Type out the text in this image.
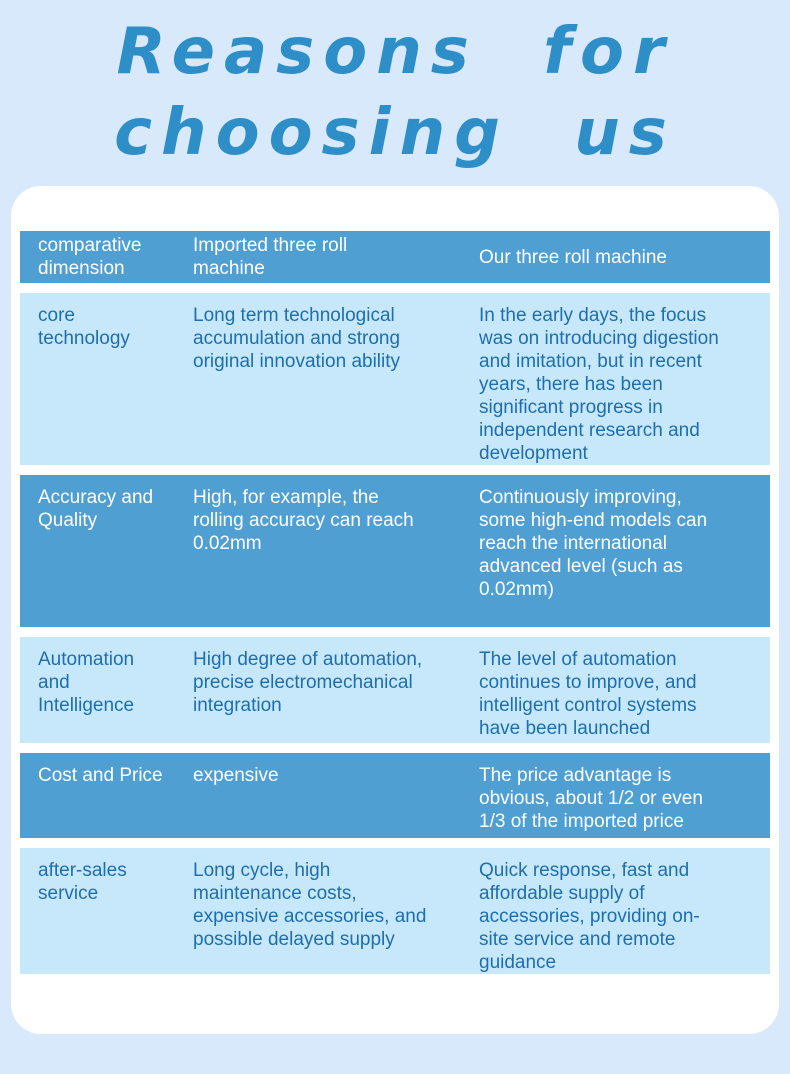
Reasons for
choosing us
comparative dimension
Imported three roll machine
Our three roll machine
core technology
Long term technological accumulation and strong original innovation ability
In the early days, the focus was on introducing digestion and imitation, but in recent years, there has been significant progress in independent research and development
Accuracy and Quality
High, for example, the rolling accuracy can reach 0.02mm
Continuously improving, some high-end models can reach the international advanced level (such as 0.02mm)
Automation and Intelligence
High degree of automation, precise electromechanical integration
The level of automation continues to improve, and intelligent control systems have been launched
Cost and Price expensive	The price advantage is obvious, about 1/2 or even 1/3 of the imported price
after-sales service
Long cycle, high maintenance costs, expensive accessories, and possible delayed supply
Quick response, fast and affordable supply of accessories, providing on-site service and remote guidance
